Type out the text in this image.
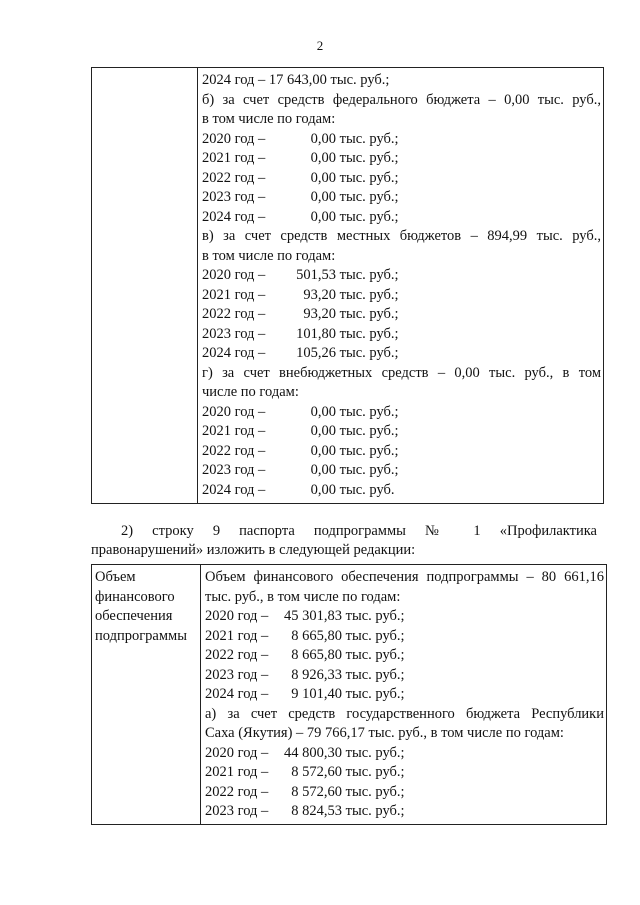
2

2024 год – 17 643,00 тыс. руб.;
б) за счет средств федерального бюджета – 0,00 тыс. руб.,
в том числе по годам:
2020 год –	0,00 тыс. руб.;
2021 год –	0,00 тыс. руб.;
2022 год –	0,00 тыс. руб.;
2023 год –	0,00 тыс. руб.;
2024 год –	0,00 тыс. руб.;
в) за счет средств местных бюджетов – 894,99 тыс. руб.,
в том числе по годам:
2020 год – 501,53 тыс. руб.;
2021 год –	93,20 тыс. руб.;
2022 год –	93,20 тыс. руб.;
2023 год – 101,80 тыс. руб.;
2024 год – 105,26 тыс. руб.;
г) за счет внебюджетных средств – 0,00 тыс. руб., в том
числе по годам:
2020 год –	0,00 тыс. руб.;
2021 год –	0,00 тыс. руб.;
2022 год –	0,00 тыс. руб.;
2023 год –	0,00 тыс. руб.;
2024 год –	0,00 тыс. руб.
2) строку 9 паспорта подпрограммы № 1 «Профилактика
правонарушений» изложить в следующей редакции:
Объем
финансового
обеспечения
подпрограммы

Объем финансового обеспечения подпрограммы – 80 661,16
тыс. руб., в том числе по годам:
2020 год – 45 301,83 тыс. руб.;
2021 год – 8 665,80 тыс. руб.;
2022 год – 8 665,80 тыс. руб.;
2023 год – 8 926,33 тыс. руб.;
2024 год – 9 101,40 тыс. руб.;
а) за счет средств государственного бюджета Республики
Саха (Якутия) – 79 766,17 тыс. руб., в том числе по годам:
2020 год – 44 800,30 тыс. руб.;
2021 год – 8 572,60 тыс. руб.;
2022 год – 8 572,60 тыс. руб.;
2023 год – 8 824,53 тыс. руб.;
